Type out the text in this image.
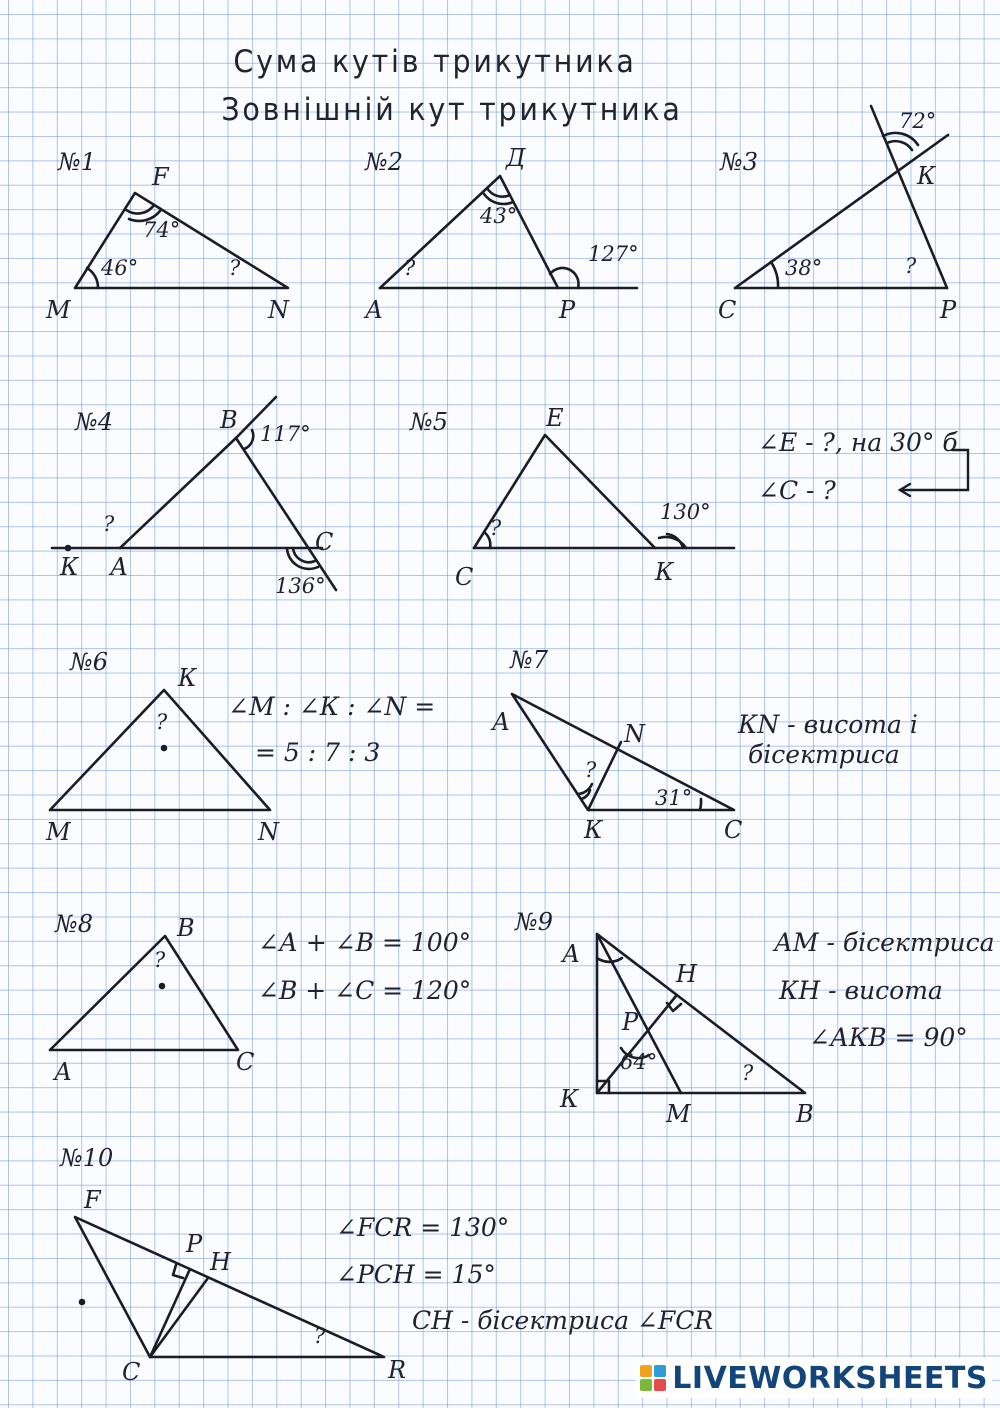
Сума кутів трикутника
Зовнішній кут трикутника
№1
F
М	N
74°
46°	?
№2	Д
А	Р
43°
127°
?
№3	К
С	Р
72°
38°	?
№4	В
К А
С
117°
136°
?
№5	Е
С	К
130°
?
∠Е - ?, на 30° б
∠С - ?
№6
К
М	N
?
∠М : ∠К : ∠N =
= 5 : 7 : 3
№7
А	N
К	С
31°
?
КN - висота і
бісектриса
№8	В
А	С
?
∠А + ∠В = 100°
∠В + ∠С = 120°
№9
А
Н
Р
К
М	В
64°	?
АМ - бісектриса
КН - висота
∠АКВ = 90°
№10
F
Р
Н
С	R
?
∠FCR = 130°
∠PCH = 15°
СН - бісектриса ∠FCR
LIVEWORKSHEETS
